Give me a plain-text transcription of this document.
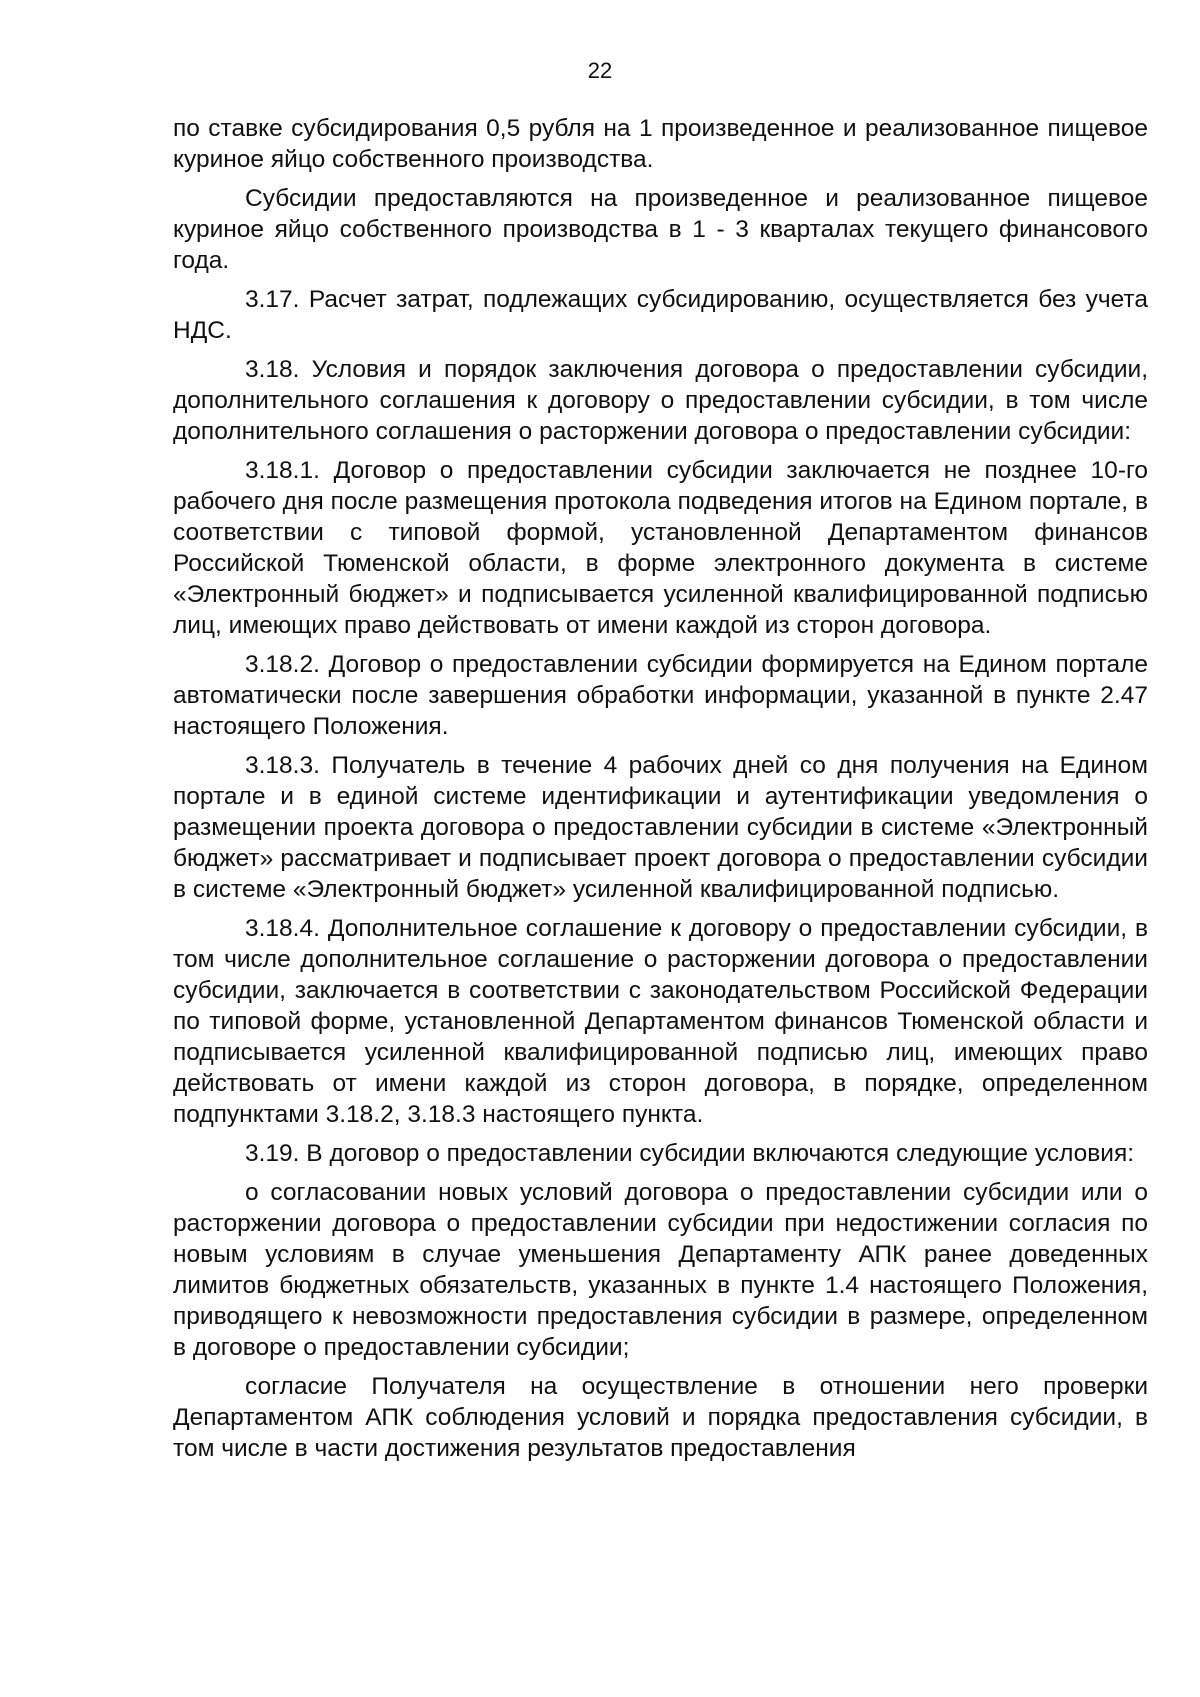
22

по ставке субсидирования 0,5 рубля на 1 произведенное и реализованное пищевое куриное яйцо собственного производства.

Субсидии предоставляются на произведенное и реализованное пищевое куриное яйцо собственного производства в 1 - 3 кварталах текущего финансового года.

3.17. Расчет затрат, подлежащих субсидированию, осуществляется без учета НДС.

3.18. Условия и порядок заключения договора о предоставлении субсидии, дополнительного соглашения к договору о предоставлении субсидии, в том числе дополнительного соглашения о расторжении договора о предоставлении субсидии:

3.18.1. Договор о предоставлении субсидии заключается не позднее 10-го рабочего дня после размещения протокола подведения итогов на Едином портале, в соответствии с типовой формой, установленной Департаментом финансов Российской Тюменской области, в форме электронного документа в системе «Электронный бюджет» и подписывается усиленной квалифицированной подписью лиц, имеющих право действовать от имени каждой из сторон договора.

3.18.2. Договор о предоставлении субсидии формируется на Едином портале автоматически после завершения обработки информации, указанной в пункте 2.47 настоящего Положения.

3.18.3. Получатель в течение 4 рабочих дней со дня получения на Едином портале и в единой системе идентификации и аутентификации уведомления о размещении проекта договора о предоставлении субсидии в системе «Электронный бюджет» рассматривает и подписывает проект договора о предоставлении субсидии в системе «Электронный бюджет» усиленной квалифицированной подписью.

3.18.4. Дополнительное соглашение к договору о предоставлении субсидии, в том числе дополнительное соглашение о расторжении договора о предоставлении субсидии, заключается в соответствии с законодательством Российской Федерации по типовой форме, установленной Департаментом финансов Тюменской области и подписывается усиленной квалифицированной подписью лиц, имеющих право действовать от имени каждой из сторон договора, в порядке, определенном подпунктами 3.18.2, 3.18.3 настоящего пункта.

3.19. В договор о предоставлении субсидии включаются следующие условия:

о согласовании новых условий договора о предоставлении субсидии или о расторжении договора о предоставлении субсидии при недостижении согласия по новым условиям в случае уменьшения Департаменту АПК ранее доведенных лимитов бюджетных обязательств, указанных в пункте 1.4 настоящего Положения, приводящего к невозможности предоставления субсидии в размере, определенном в договоре о предоставлении субсидии;

согласие Получателя на осуществление в отношении него проверки Департаментом АПК соблюдения условий и порядка предоставления субсидии, в том числе в части достижения результатов предоставления
